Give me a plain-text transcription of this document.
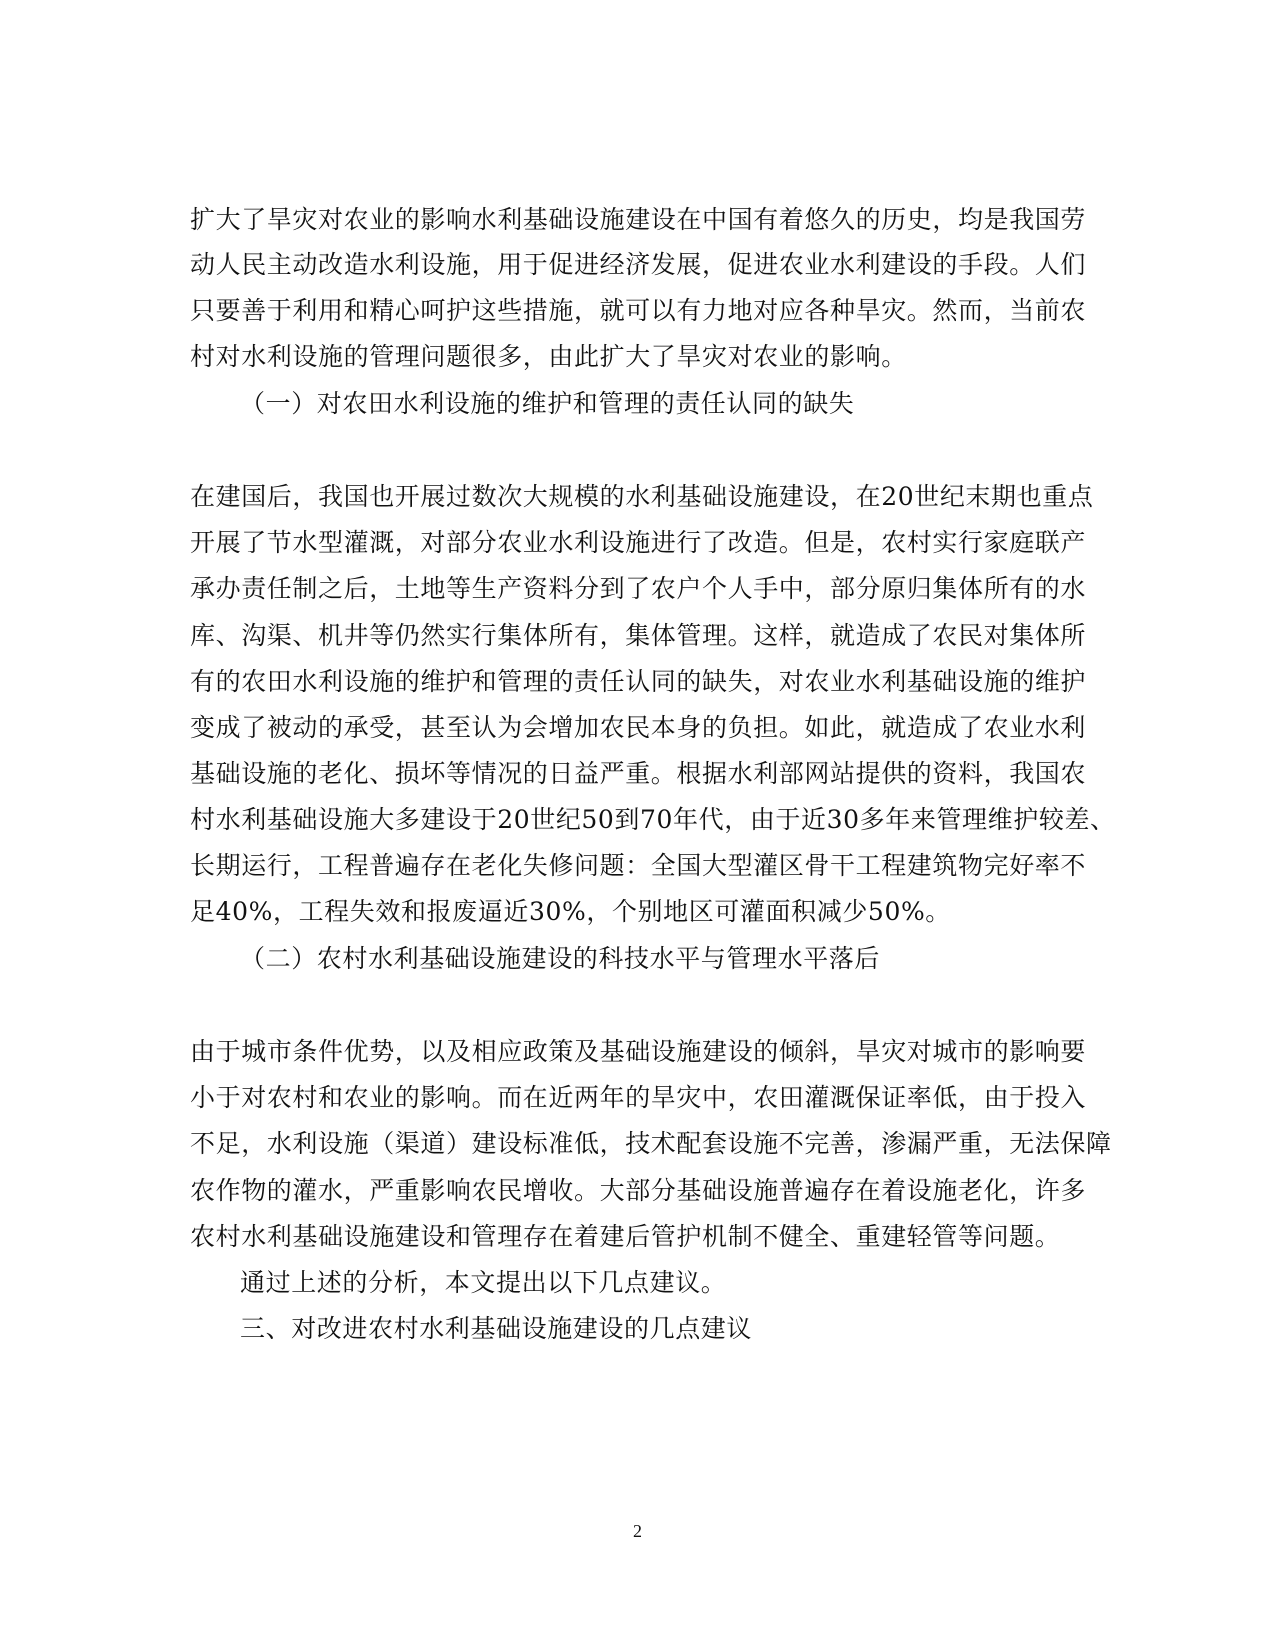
扩大了旱灾对农业的影响水利基础设施建设在中国有着悠久的历史，均是我国劳
动人民主动改造水利设施，用于促进经济发展，促进农业水利建设的手段。人们
只要善于利用和精心呵护这些措施，就可以有力地对应各种旱灾。然而，当前农
村对水利设施的管理问题很多，由此扩大了旱灾对农业的影响。
（一）对农田水利设施的维护和管理的责任认同的缺失
在建国后，我国也开展过数次大规模的水利基础设施建设，在20世纪末期也重点
开展了节水型灌溉，对部分农业水利设施进行了改造。但是，农村实行家庭联产
承办责任制之后，土地等生产资料分到了农户个人手中，部分原归集体所有的水
库、沟渠、机井等仍然实行集体所有，集体管理。这样，就造成了农民对集体所
有的农田水利设施的维护和管理的责任认同的缺失，对农业水利基础设施的维护
变成了被动的承受，甚至认为会增加农民本身的负担。如此，就造成了农业水利
基础设施的老化、损坏等情况的日益严重。根据水利部网站提供的资料，我国农
村水利基础设施大多建设于20世纪50到70年代，由于近30多年来管理维护较差、
长期运行，工程普遍存在老化失修问题：全国大型灌区骨干工程建筑物完好率不
足40%，工程失效和报废逼近30%，个别地区可灌面积减少50%。
（二）农村水利基础设施建设的科技水平与管理水平落后
由于城市条件优势，以及相应政策及基础设施建设的倾斜，旱灾对城市的影响要
小于对农村和农业的影响。而在近两年的旱灾中，农田灌溉保证率低，由于投入
不足，水利设施（渠道）建设标准低，技术配套设施不完善，渗漏严重，无法保障
农作物的灌水，严重影响农民增收。大部分基础设施普遍存在着设施老化，许多
农村水利基础设施建设和管理存在着建后管护机制不健全、重建轻管等问题。
通过上述的分析，本文提出以下几点建议。
三、对改进农村水利基础设施建设的几点建议
2
